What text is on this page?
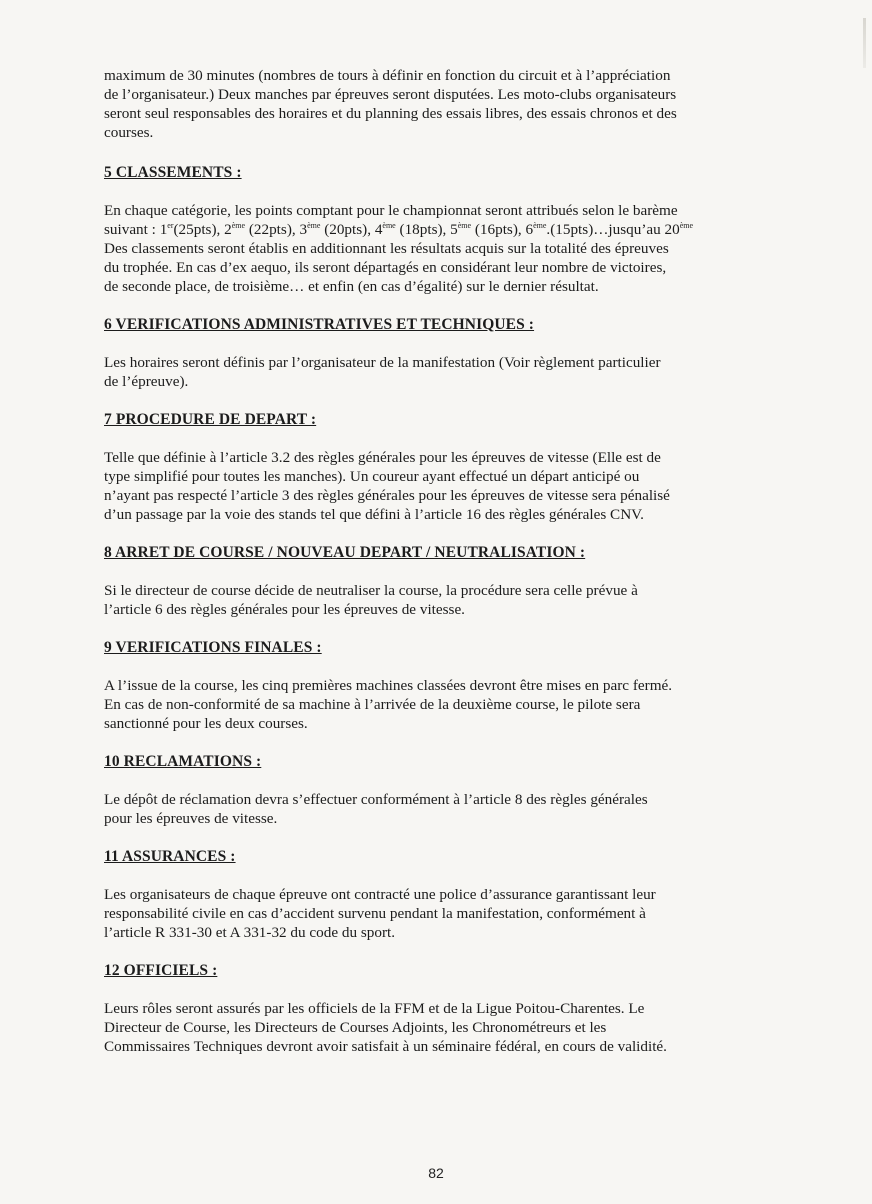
maximum de 30 minutes (nombres de tours à définir en fonction du circuit et à l’appréciation
de l’organisateur.) Deux manches par épreuves seront disputées. Les moto-clubs organisateurs
seront seul responsables des horaires et du planning des essais libres, des essais chronos et des
courses.

5 CLASSEMENTS :

En chaque catégorie, les points comptant pour le championnat seront attribués selon le barème
suivant : 1er(25pts), 2ème (22pts), 3ème (20pts), 4ème (18pts), 5ème (16pts), 6ème.(15pts)…jusqu’au 20ème
Des classements seront établis en additionnant les résultats acquis sur la totalité des épreuves
du trophée. En cas d’ex aequo, ils seront départagés en considérant leur nombre de victoires,
de seconde place, de troisième… et enfin (en cas d’égalité) sur le dernier résultat.

6 VERIFICATIONS ADMINISTRATIVES ET TECHNIQUES :

Les horaires seront définis par l’organisateur de la manifestation (Voir règlement particulier
de l’épreuve).

7 PROCEDURE DE DEPART :

Telle que définie à l’article 3.2 des règles générales pour les épreuves de vitesse (Elle est de
type simplifié pour toutes les manches). Un coureur ayant effectué un départ anticipé ou
n’ayant pas respecté l’article 3 des règles générales pour les épreuves de vitesse sera pénalisé
d’un passage par la voie des stands tel que défini à l’article 16 des règles générales CNV.

8 ARRET DE COURSE / NOUVEAU DEPART / NEUTRALISATION :

Si le directeur de course décide de neutraliser la course, la procédure sera celle prévue à
l’article 6 des règles générales pour les épreuves de vitesse.

9 VERIFICATIONS FINALES :

A l’issue de la course, les cinq premières machines classées devront être mises en parc fermé.
En cas de non-conformité de sa machine à l’arrivée de la deuxième course, le pilote sera
sanctionné pour les deux courses.

10 RECLAMATIONS :

Le dépôt de réclamation devra s’effectuer conformément à l’article 8 des règles générales
pour les épreuves de vitesse.

11 ASSURANCES :

Les organisateurs de chaque épreuve ont contracté une police d’assurance garantissant leur
responsabilité civile en cas d’accident survenu pendant la manifestation, conformément à
l’article R 331-30 et A 331-32 du code du sport.

12 OFFICIELS :

Leurs rôles seront assurés par les officiels de la FFM et de la Ligue Poitou-Charentes. Le
Directeur de Course, les Directeurs de Courses Adjoints, les Chronométreurs et les
Commissaires Techniques devront avoir satisfait à un séminaire fédéral, en cours de validité.

82
